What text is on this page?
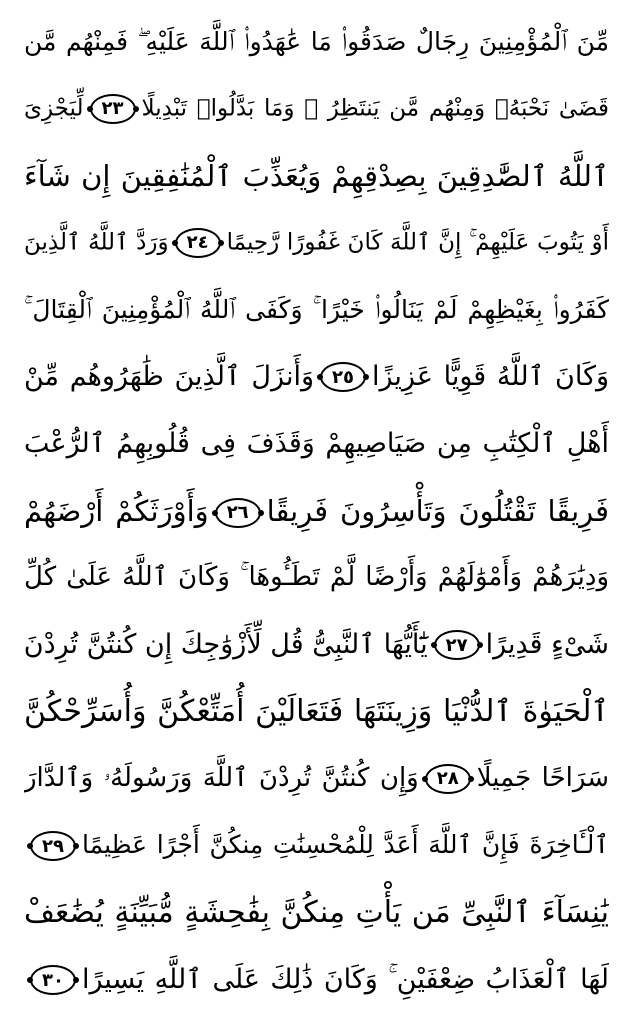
مِّنَ ٱلْمُؤْمِنِينَ رِجَالٌ صَدَقُوا۟ مَا عَٰهَدُوا۟ ٱللَّهَ عَلَيْهِ ۖ فَمِنْهُم مَّن
قَضَىٰ نَحْبَهُۥ وَمِنْهُم مَّن يَنتَظِرُ ۖ وَمَا بَدَّلُوا۟ تَبْدِيلًا٢٣لِّيَجْزِىَ
ٱللَّهُ ٱلصَّٰدِقِينَ بِصِدْقِهِمْ وَيُعَذِّبَ ٱلْمُنَٰفِقِينَ إِن شَآءَ
أَوْ يَتُوبَ عَلَيْهِمْ ۚ إِنَّ ٱللَّهَ كَانَ غَفُورًا رَّحِيمًا٢٤وَرَدَّ ٱللَّهُ ٱلَّذِينَ
كَفَرُوا۟ بِغَيْظِهِمْ لَمْ يَنَالُوا۟ خَيْرًا ۚ وَكَفَى ٱللَّهُ ٱلْمُؤْمِنِينَ ٱلْقِتَالَ ۚ
وَكَانَ ٱللَّهُ قَوِيًّا عَزِيزًا٢٥وَأَنزَلَ ٱلَّذِينَ ظَٰهَرُوهُم مِّنْ
أَهْلِ ٱلْكِتَٰبِ مِن صَيَاصِيهِمْ وَقَذَفَ فِى قُلُوبِهِمُ ٱلرُّعْبَ
فَرِيقًا تَقْتُلُونَ وَتَأْسِرُونَ فَرِيقًا٢٦وَأَوْرَثَكُمْ أَرْضَهُمْ
وَدِيَٰرَهُمْ وَأَمْوَٰلَهُمْ وَأَرْضًا لَّمْ تَطَـُٔوهَا ۚ وَكَانَ ٱللَّهُ عَلَىٰ كُلِّ
شَىْءٍ قَدِيرًا٢٧يَٰٓأَيُّهَا ٱلنَّبِىُّ قُل لِّأَزْوَٰجِكَ إِن كُنتُنَّ تُرِدْنَ
ٱلْحَيَوٰةَ ٱلدُّنْيَا وَزِينَتَهَا فَتَعَالَيْنَ أُمَتِّعْكُنَّ وَأُسَرِّحْكُنَّ
سَرَاحًا جَمِيلًا٢٨وَإِن كُنتُنَّ تُرِدْنَ ٱللَّهَ وَرَسُولَهُۥ وَٱلدَّارَ
ٱلْـَٔاخِرَةَ فَإِنَّ ٱللَّهَ أَعَدَّ لِلْمُحْسِنَٰتِ مِنكُنَّ أَجْرًا عَظِيمًا٢٩
يَٰنِسَآءَ ٱلنَّبِىِّ مَن يَأْتِ مِنكُنَّ بِفَٰحِشَةٍ مُّبَيِّنَةٍ يُضَٰعَفْ
لَهَا ٱلْعَذَابُ ضِعْفَيْنِ ۚ وَكَانَ ذَٰلِكَ عَلَى ٱللَّهِ يَسِيرًا٣٠
